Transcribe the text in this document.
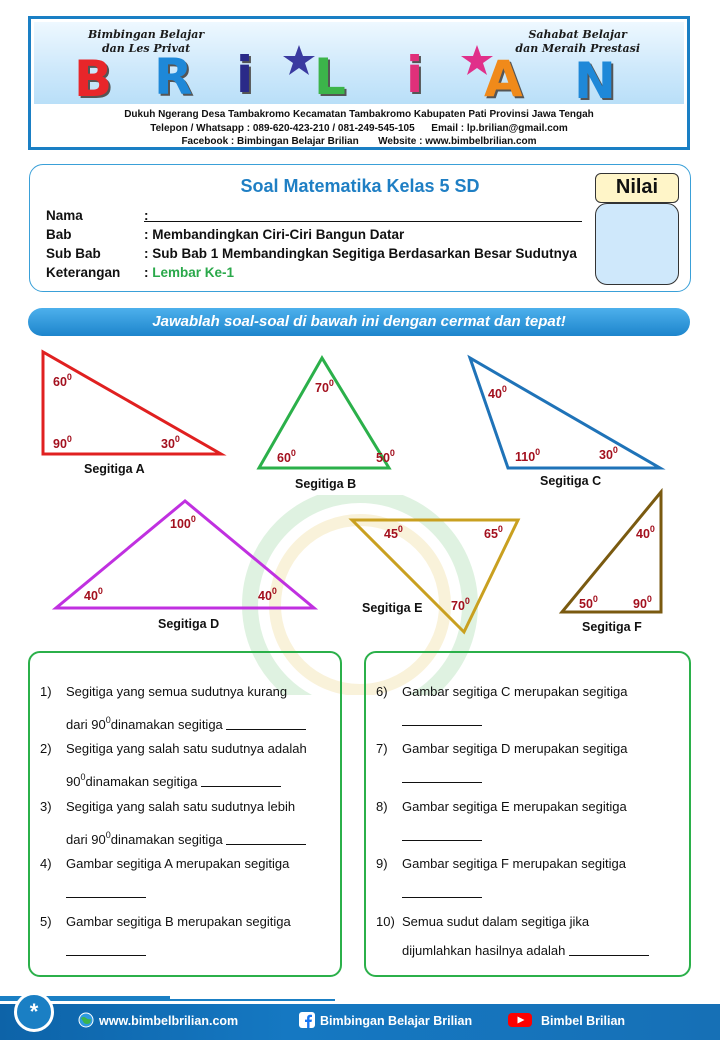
Bimbingan Belajar
dan Les Privat
Sahabat Belajar
dan Meraih Prestasi
B R i L i A N
Dukuh Ngerang Desa Tambakromo Kecamatan Tambakromo Kabupaten Pati Provinsi Jawa Tengah
Telepon / Whatsapp : 089-620-423-210 / 081-249-545-105      Email : lp.brilian@gmail.com
Facebook : Bimbingan Belajar Brilian       Website : www.bimbelbrilian.com
Soal Matematika Kelas 5 SD
Nama	:
Bab	: Membandingkan Ciri-Ciri Bangun Datar
Sub Bab	: Sub Bab 1 Membandingkan Segitiga Berdasarkan Besar Sudutnya
Keterangan	: Lembar Ke-1
Nilai
Jawablah soal-soal di bawah ini dengan cermat dan tepat!
$60^0$
$90^0$	$30^0$
Segitiga A
$70^0$
$60^0$	$50^0$
Segitiga B
$40^0$
$110^0$	$30^0$
Segitiga C
$100^0$
$40^0$	$40^0$
Segitiga D
$45^0$	$65^0$
$70^0$
Segitiga E
$40^0$
$50^0$	$90^0$
Segitiga F
1)	Segitiga yang semua sudutnya kurang
dari $90^0dinamakan$ segitiga
2)	Segitiga yang salah satu sudutnya adalah
$90^0dinamakan$ segitiga
3)	Segitiga yang salah satu sudutnya lebih
dari $90^0dinamakan$ segitiga
4)	Gambar segitiga A merupakan segitiga
5)	Gambar segitiga B merupakan segitiga
6)	Gambar segitiga C merupakan segitiga
7)	Gambar segitiga D merupakan segitiga
8)	Gambar segitiga E merupakan segitiga
9)	Gambar segitiga F merupakan segitiga
10) Semua sudut dalam segitiga jika
dijumlahkan hasilnya adalah
*	www.bimbelbrilian.com	Bimbingan Belajar Brilian	Bimbel Brilian
